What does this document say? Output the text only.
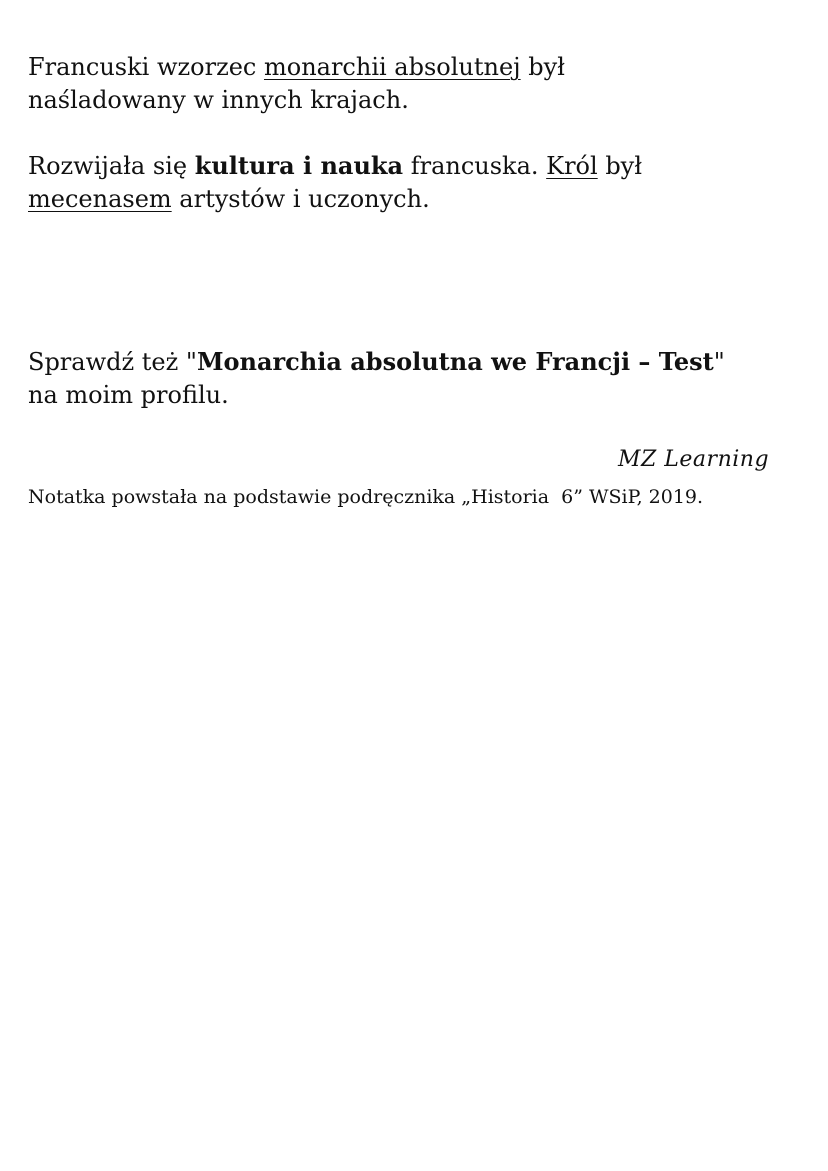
Francuski wzorzec monarchii absolutnej był
naśladowany w innych krajach.

Rozwijała się kultura i nauka francuska. Król był
mecenasem artystów i uczonych.

Sprawdź też "Monarchia absolutna we Francji – Test"
na moim profilu.

MZ Learning
Notatka powstała na podstawie podręcznika „Historia  6” WSiP, 2019.
